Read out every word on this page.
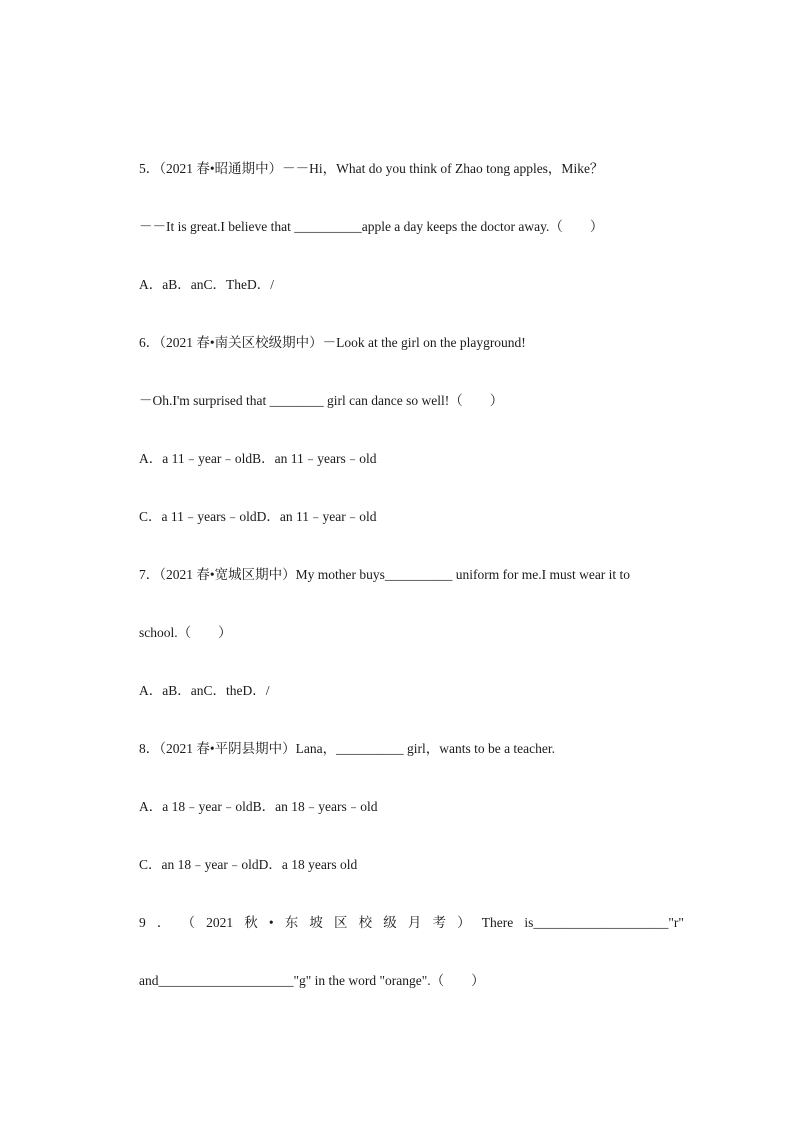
5．（2021 春•昭通期中）－－Hi，What do you think of Zhao tong apples，Mike？
－－It is great.I believe that __________apple a day keeps the doctor away.（　　）
A．aB．anC．TheD．/
6．（2021 春•南关区校级期中）－Look at the girl on the playground!
－Oh.I'm surprised that ________ girl can dance so well!（　　）
A．a 11﹣year﹣oldB．an 11﹣years﹣old
C．a 11﹣years﹣oldD．an 11﹣year﹣old
7．（2021 春•宽城区期中）My mother buys__________ uniform for me.I must wear it to
school.（　　）
A．aB．anC．theD．/
8．（2021 春•平阴县期中）Lana，__________ girl，wants to be a teacher.
A．a 18﹣year﹣oldB．an 18﹣years﹣old
C．an 18﹣year﹣oldD．a 18 years old
9 ． （ 2021 秋 • 东 坡 区 校 级 月 考 ） There is____________________"r"
and____________________"g" in the word "orange".（　　）
